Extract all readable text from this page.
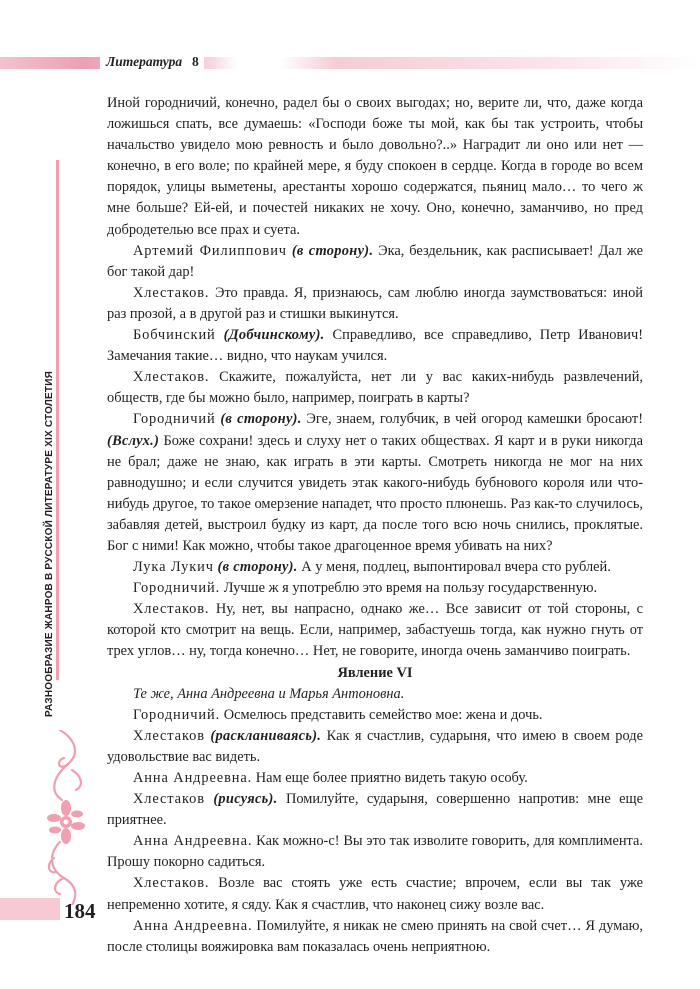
Литература 8
РАЗНООБРАЗИЕ ЖАНРОВ В РУССКОЙ ЛИТЕРАТУРЕ XIX СТОЛЕТИЯ
184

Иной городничий, конечно, радел бы о своих выгодах; но, верите ли, что, даже когда ложишься спать, все думаешь: «Господи боже ты мой, как бы так устроить, чтобы начальство увидело мою ревность и было довольно?..» Наградит ли оно или нет — конечно, в его воле; по крайней мере, я буду спокоен в сердце. Когда в городе во всем порядок, улицы выметены, арестанты хорошо содержатся, пьяниц мало… то чего ж мне больше? Ей-ей, и почестей никаких не хочу. Оно, конечно, заманчиво, но пред добродетелью все прах и суета.

Артемий Филиппович (в сторону). Эка, бездельник, как расписывает! Дал же бог такой дар!

Хлестаков. Это правда. Я, признаюсь, сам люблю иногда заумствоваться: иной раз прозой, а в другой раз и стишки выкинутся.

Бобчинский (Добчинскому). Справедливо, все справедливо, Петр Иванович! Замечания такие… видно, что наукам учился.

Хлестаков. Скажите, пожалуйста, нет ли у вас каких-нибудь развлечений, обществ, где бы можно было, например, поиграть в карты?

Городничий (в сторону). Эге, знаем, голубчик, в чей огород камешки бросают! (Вслух.) Боже сохрани! здесь и слуху нет о таких обществах. Я карт и в руки никогда не брал; даже не знаю, как играть в эти карты. Смотреть никогда не мог на них равнодушно; и если случится увидеть этак какого-нибудь бубнового короля или что-нибудь другое, то такое омерзение нападет, что просто плюнешь. Раз как-то случилось, забавляя детей, выстроил будку из карт, да после того всю ночь снились, проклятые. Бог с ними! Как можно, чтобы такое драгоценное время убивать на них?

Лука Лукич (в сторону). А у меня, подлец, выпонтировал вчера сто рублей.

Городничий. Лучше ж я употреблю это время на пользу государственную.

Хлестаков. Ну, нет, вы напрасно, однако же… Все зависит от той стороны, с которой кто смотрит на вещь. Если, например, забастуешь тогда, как нужно гнуть от трех углов… ну, тогда конечно… Нет, не говорите, иногда очень заманчиво поиграть.

Явление VI

Те же, Анна Андреевна и Марья Антоновна.

Городничий. Осмелюсь представить семейство мое: жена и дочь.

Хлестаков (раскланиваясь). Как я счастлив, сударыня, что имею в своем роде удовольствие вас видеть.

Анна Андреевна. Нам еще более приятно видеть такую особу.

Хлестаков (рисуясь). Помилуйте, сударыня, совершенно напротив: мне еще приятнее.

Анна Андреевна. Как можно-с! Вы это так изволите говорить, для комплимента. Прошу покорно садиться.

Хлестаков. Возле вас стоять уже есть счастие; впрочем, если вы так уже непременно хотите, я сяду. Как я счастлив, что наконец сижу возле вас.

Анна Андреевна. Помилуйте, я никак не смею принять на свой счет… Я думаю, после столицы вояжировка вам показалась очень неприятною.
